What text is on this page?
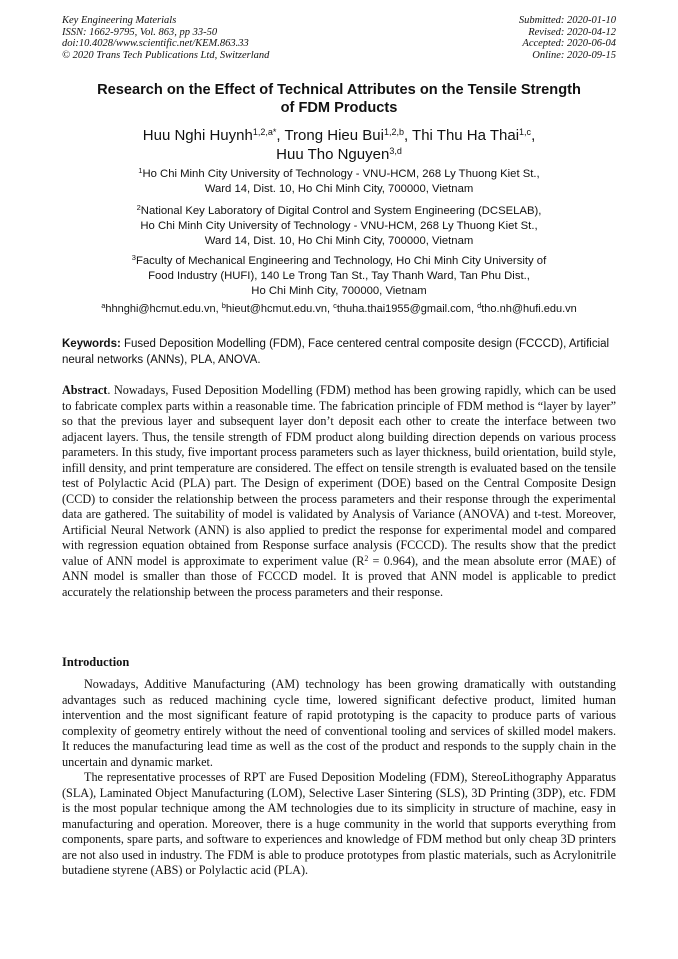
Key Engineering Materials
ISSN: 1662-9795, Vol. 863, pp 33-50
doi:10.4028/www.scientific.net/KEM.863.33
© 2020 Trans Tech Publications Ltd, Switzerland
Submitted: 2020-01-10
Revised: 2020-04-12
Accepted: 2020-06-04
Online: 2020-09-15
Research on the Effect of Technical Attributes on the Tensile Strength
of FDM Products
Huu Nghi Huynh$^{1,2,a*}$, Trong Hieu Bui$^{1,2,b}$, Thi Thu Ha Thai$^{1,c}$,
Huu Tho Nguyen$^{3,d}$
$^1$Ho Chi Minh City University of Technology - VNU-HCM, 268 Ly Thuong Kiet St.,
Ward 14, Dist. 10, Ho Chi Minh City, 700000, Vietnam
$^2$National Key Laboratory of Digital Control and System Engineering (DCSELAB),
Ho Chi Minh City University of Technology - VNU-HCM, 268 Ly Thuong Kiet St.,
Ward 14, Dist. 10, Ho Chi Minh City, 700000, Vietnam
$^3$Faculty of Mechanical Engineering and Technology, Ho Chi Minh City University of
Food Industry (HUFI), 140 Le Trong Tan St., Tay Thanh Ward, Tan Phu Dist.,
Ho Chi Minh City, 700000, Vietnam
$^a$hhnghi@hcmut.edu.vn, $^b$hieut@hcmut.edu.vn, $^c$thuha.thai1955@gmail.com, $^d$tho.nh@hufi.edu.vn
Keywords: Fused Deposition Modelling (FDM), Face centered central composite design (FCCCD), Artificial neural networks (ANNs), PLA, ANOVA.
Abstract. Nowadays, Fused Deposition Modelling (FDM) method has been growing rapidly, which can be used to fabricate complex parts within a reasonable time. The fabrication principle of FDM method is “layer by layer” so that the previous layer and subsequent layer don’t deposit each other to create the interface between two adjacent layers. Thus, the tensile strength of FDM product along building direction depends on various process parameters. In this study, five important process parameters such as layer thickness, build orientation, build style, infill density, and print temperature are considered. The effect on tensile strength is evaluated based on the tensile test of Polylactic Acid (PLA) part. The Design of experiment (DOE) based on the Central Composite Design (CCD) to consider the relationship between the process parameters and their response through the experimental data are gathered. The suitability of model is validated by Analysis of Variance (ANOVA) and t-test. Moreover, Artificial Neural Network (ANN) is also applied to predict the response for experimental model and compared with regression equation obtained from Response surface analysis (FCCCD). The results show that the predict value of ANN model is approximate to experiment value $(R^2 = 0.964)$, and the mean absolute error (MAE) of ANN model is smaller than those of FCCCD model. It is proved that ANN model is applicable to predict accurately the relationship between the process parameters and their response.
Introduction
Nowadays, Additive Manufacturing (AM) technology has been growing dramatically with outstanding advantages such as reduced machining cycle time, lowered significant defective product, limited human intervention and the most significant feature of rapid prototyping is the capacity to produce parts of various complexity of geometry entirely without the need of conventional tooling and services of skilled model makers. It reduces the manufacturing lead time as well as the cost of the product and responds to the supply chain in the uncertain and dynamic market.
The representative processes of RPT are Fused Deposition Modeling (FDM), StereoLithography Apparatus (SLA), Laminated Object Manufacturing (LOM), Selective Laser Sintering (SLS), 3D Printing (3DP), etc. FDM is the most popular technique among the AM technologies due to its simplicity in structure of machine, easy in manufacturing and operation. Moreover, there is a huge community in the world that supports everything from components, spare parts, and software to experiences and knowledge of FDM method but only cheap 3D printers are not also used in industry. The FDM is able to produce prototypes from plastic materials, such as Acrylonitrile butadiene styrene (ABS) or Polylactic acid (PLA).
